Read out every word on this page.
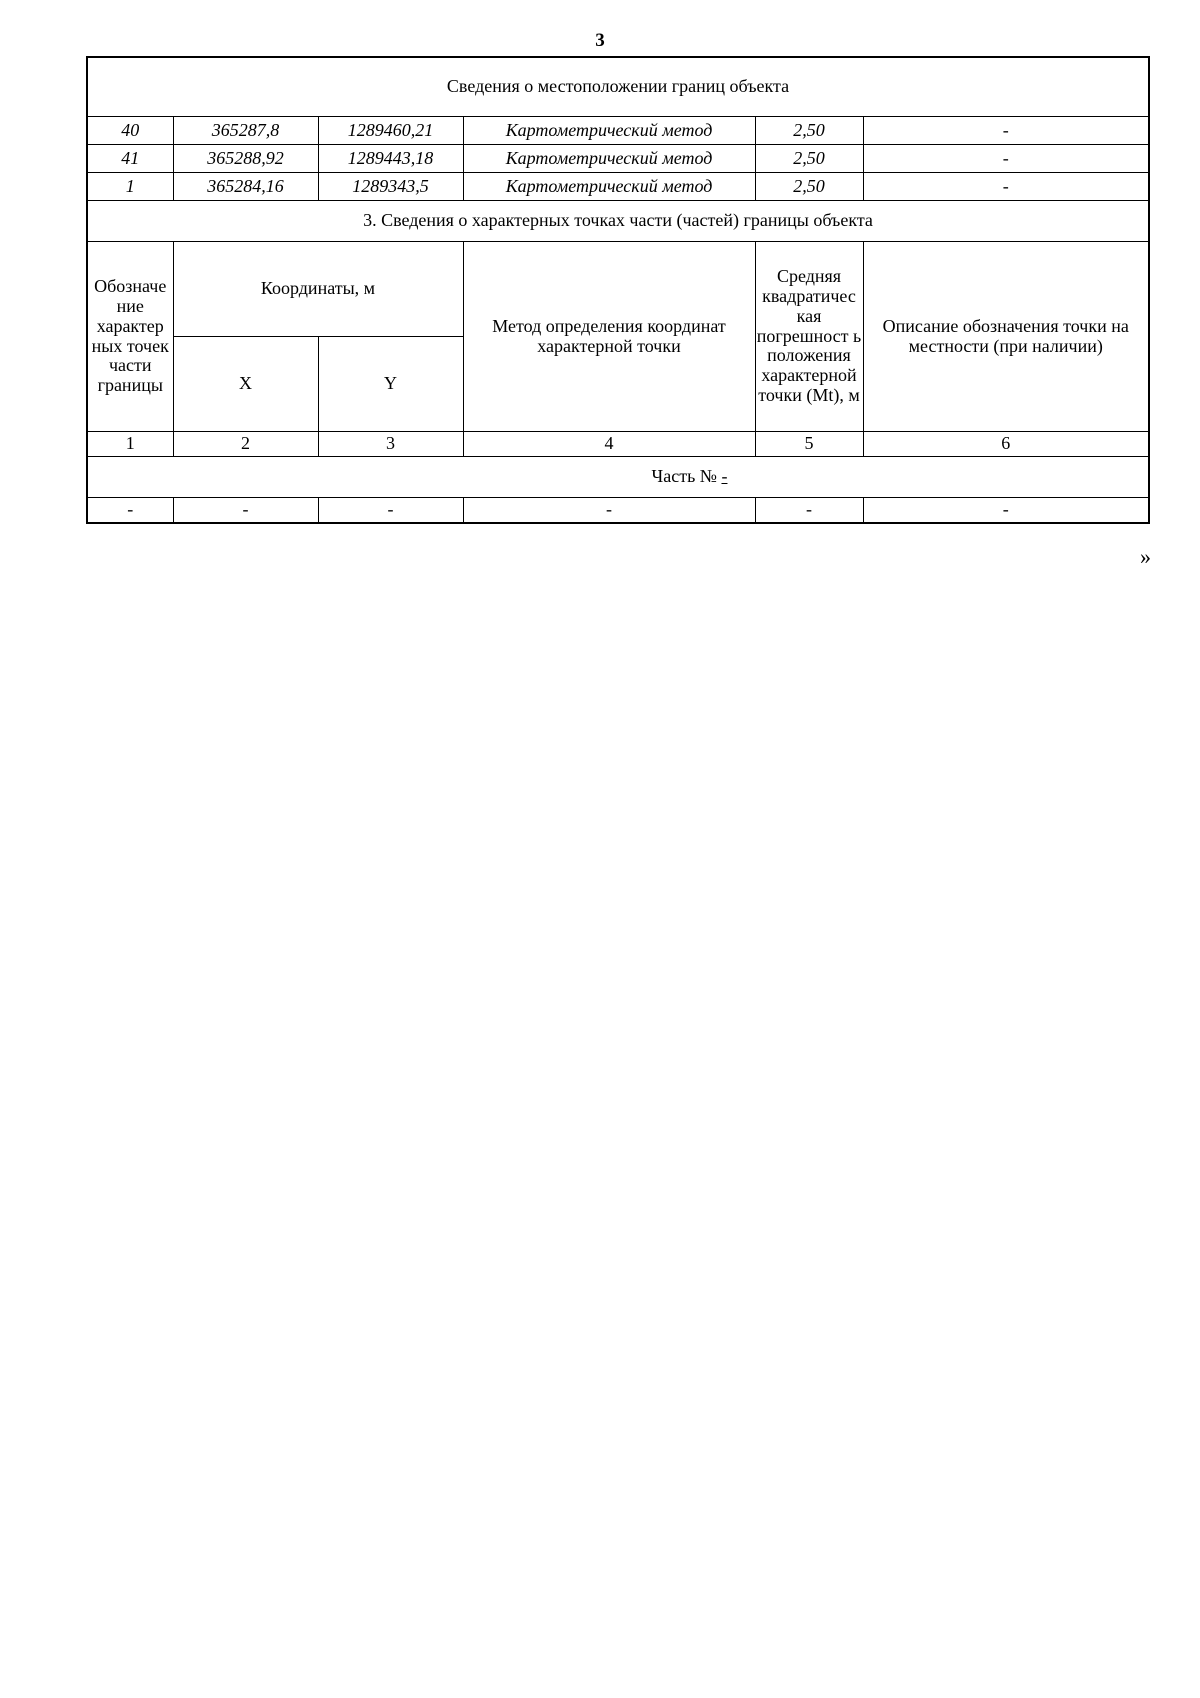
3
Сведения о местоположении границ объекта					
40	365287,8	1289460,21	Картометрический метод	2,50	-
41	365288,92	1289443,18	Картометрический метод	2,50	-
1	365284,16	1289343,5	Картометрический метод	2,50	-
3. Сведения о характерных точках части (частей) границы объекта					
Обозначе ние характер ных точек части границы	Координаты, м		Метод определения координат характерной точки	Средняя квадратичес кая погрешност ь положения характерной точки (Mt), м	Описание обозначения точки на местности (при наличии)
	X	Y			
1	2	3	4	5	6
Часть № -					
-	-	-	-	-	-
»
